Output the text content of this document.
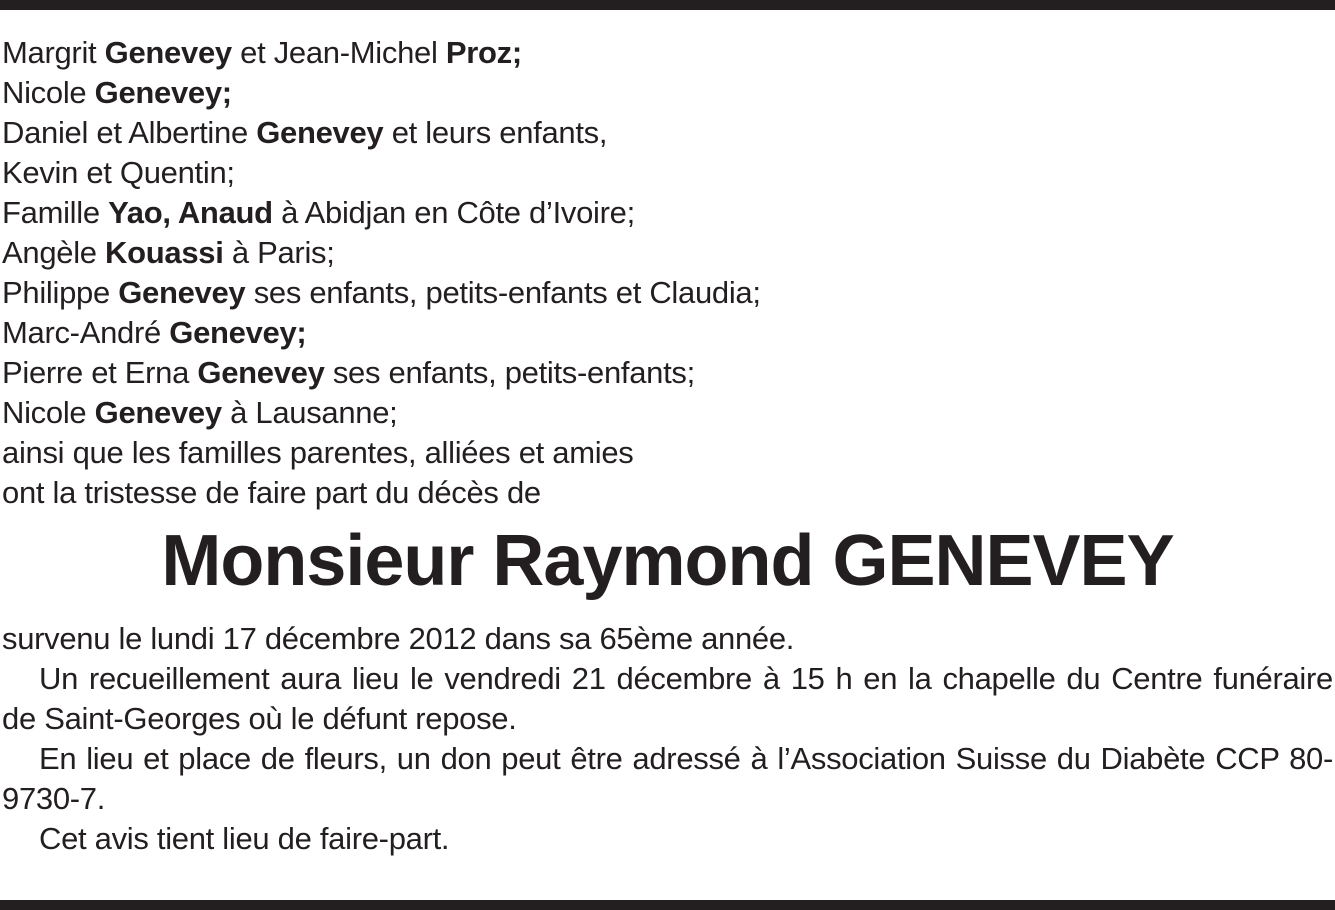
Margrit Genevey et Jean-Michel Proz;
Nicole Genevey;
Daniel et Albertine Genevey et leurs enfants,
Kevin et Quentin;
Famille Yao, Anaud à Abidjan en Côte d’Ivoire;
Angèle Kouassi à Paris;
Philippe Genevey ses enfants, petits-enfants et Claudia;
Marc-André Genevey;
Pierre et Erna Genevey ses enfants, petits-enfants;
Nicole Genevey à Lausanne;
ainsi que les familles parentes, alliées et amies
ont la tristesse de faire part du décès de
Monsieur Raymond GENEVEY

survenu le lundi 17 décembre 2012 dans sa 65ème année.

Un recueillement aura lieu le vendredi 21 décembre à 15 h en la chapelle du Centre funéraire de Saint-Georges où le défunt repose.

En lieu et place de fleurs, un don peut être adressé à l’Association Suisse du Diabète CCP 80-9730-7.

Cet avis tient lieu de faire-part.
